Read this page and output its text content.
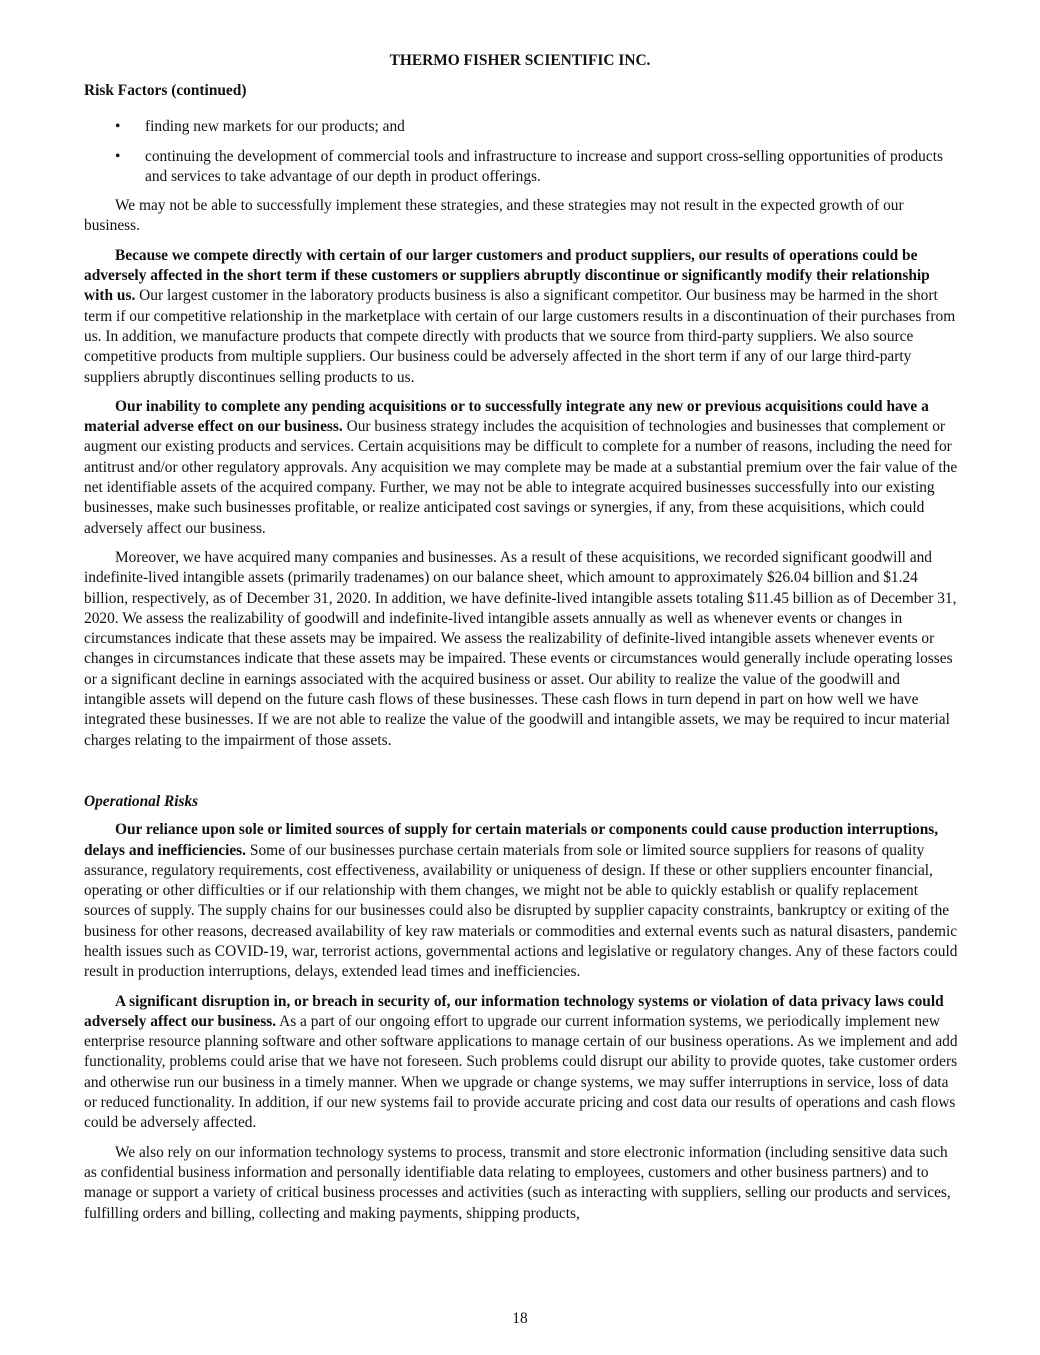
THERMO FISHER SCIENTIFIC INC.
Risk Factors (continued)
• finding new markets for our products; and
• continuing the development of commercial tools and infrastructure to increase and support cross-selling opportunities of products and services to take advantage of our depth in product offerings.

We may not be able to successfully implement these strategies, and these strategies may not result in the expected growth of our business.

Because we compete directly with certain of our larger customers and product suppliers, our results of operations could be adversely affected in the short term if these customers or suppliers abruptly discontinue or significantly modify their relationship with us. Our largest customer in the laboratory products business is also a significant competitor. Our business may be harmed in the short term if our competitive relationship in the marketplace with certain of our large customers results in a discontinuation of their purchases from us. In addition, we manufacture products that compete directly with products that we source from third-party suppliers. We also source competitive products from multiple suppliers. Our business could be adversely affected in the short term if any of our large third-party suppliers abruptly discontinues selling products to us.

Our inability to complete any pending acquisitions or to successfully integrate any new or previous acquisitions could have a material adverse effect on our business. Our business strategy includes the acquisition of technologies and businesses that complement or augment our existing products and services. Certain acquisitions may be difficult to complete for a number of reasons, including the need for antitrust and/or other regulatory approvals. Any acquisition we may complete may be made at a substantial premium over the fair value of the net identifiable assets of the acquired company. Further, we may not be able to integrate acquired businesses successfully into our existing businesses, make such businesses profitable, or realize anticipated cost savings or synergies, if any, from these acquisitions, which could adversely affect our business.

Moreover, we have acquired many companies and businesses. As a result of these acquisitions, we recorded significant goodwill and indefinite-lived intangible assets (primarily tradenames) on our balance sheet, which amount to approximately $26.04 billion and $1.24 billion, respectively, as of December 31, 2020. In addition, we have definite-lived intangible assets totaling $11.45 billion as of December 31, 2020. We assess the realizability of goodwill and indefinite-lived intangible assets annually as well as whenever events or changes in circumstances indicate that these assets may be impaired. We assess the realizability of definite-lived intangible assets whenever events or changes in circumstances indicate that these assets may be impaired. These events or circumstances would generally include operating losses or a significant decline in earnings associated with the acquired business or asset. Our ability to realize the value of the goodwill and intangible assets will depend on the future cash flows of these businesses. These cash flows in turn depend in part on how well we have integrated these businesses. If we are not able to realize the value of the goodwill and intangible assets, we may be required to incur material charges relating to the impairment of those assets.

Operational Risks

Our reliance upon sole or limited sources of supply for certain materials or components could cause production interruptions, delays and inefficiencies. Some of our businesses purchase certain materials from sole or limited source suppliers for reasons of quality assurance, regulatory requirements, cost effectiveness, availability or uniqueness of design. If these or other suppliers encounter financial, operating or other difficulties or if our relationship with them changes, we might not be able to quickly establish or qualify replacement sources of supply. The supply chains for our businesses could also be disrupted by supplier capacity constraints, bankruptcy or exiting of the business for other reasons, decreased availability of key raw materials or commodities and external events such as natural disasters, pandemic health issues such as COVID-19, war, terrorist actions, governmental actions and legislative or regulatory changes. Any of these factors could result in production interruptions, delays, extended lead times and inefficiencies.

A significant disruption in, or breach in security of, our information technology systems or violation of data privacy laws could adversely affect our business. As a part of our ongoing effort to upgrade our current information systems, we periodically implement new enterprise resource planning software and other software applications to manage certain of our business operations. As we implement and add functionality, problems could arise that we have not foreseen. Such problems could disrupt our ability to provide quotes, take customer orders and otherwise run our business in a timely manner. When we upgrade or change systems, we may suffer interruptions in service, loss of data or reduced functionality. In addition, if our new systems fail to provide accurate pricing and cost data our results of operations and cash flows could be adversely affected.

We also rely on our information technology systems to process, transmit and store electronic information (including sensitive data such as confidential business information and personally identifiable data relating to employees, customers and other business partners) and to manage or support a variety of critical business processes and activities (such as interacting with suppliers, selling our products and services, fulfilling orders and billing, collecting and making payments, shipping products,

18
